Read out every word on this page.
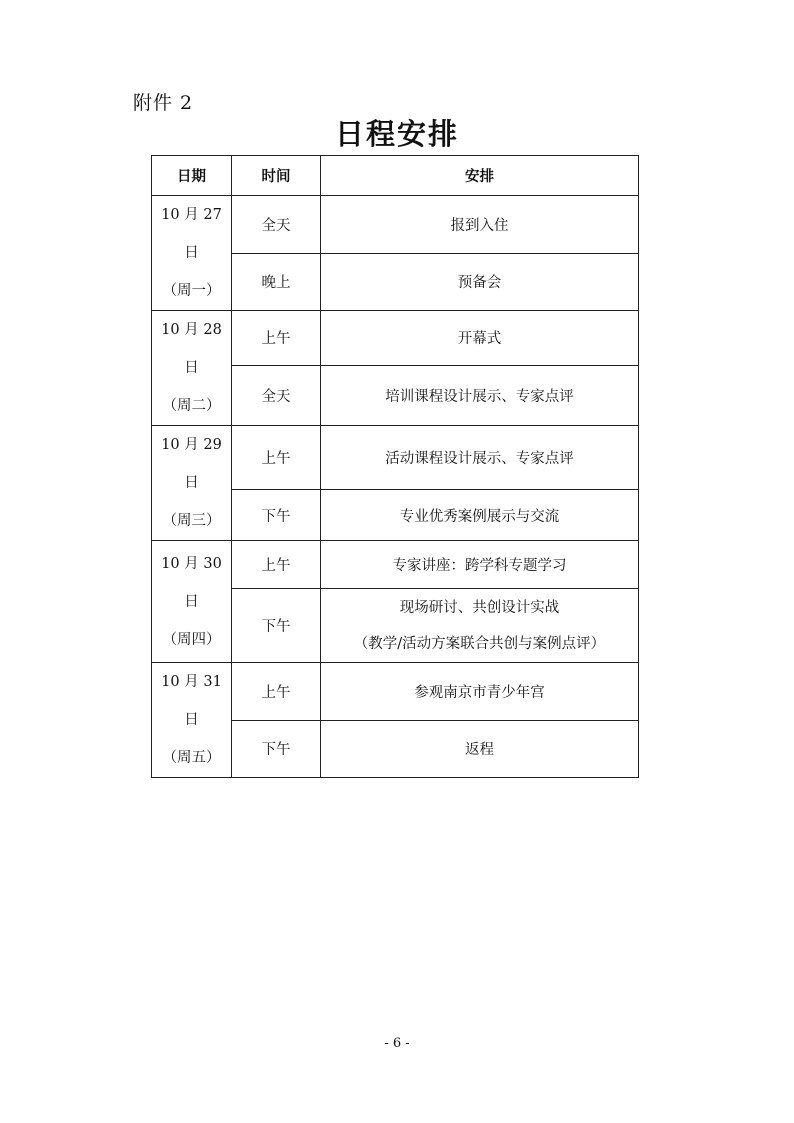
附件 2
日程安排
日期	时间	安排

10 月 27 日
（周一）	全天	报到入住
	晚上	预备会

10 月 28 日
（周二）	上午	开幕式
	全天	培训课程设计展示、专家点评

10 月 29 日
（周三）	上午	活动课程设计展示、专家点评
	下午	专业优秀案例展示与交流

10 月 30 日
（周四）	上午	专家讲座：跨学科专题学习
	下午	现场研讨、共创设计实战
（教学/活动方案联合共创与案例点评）

10 月 31 日
（周五）	上午	参观南京市青少年宫
	下午	返程
- 6 -
